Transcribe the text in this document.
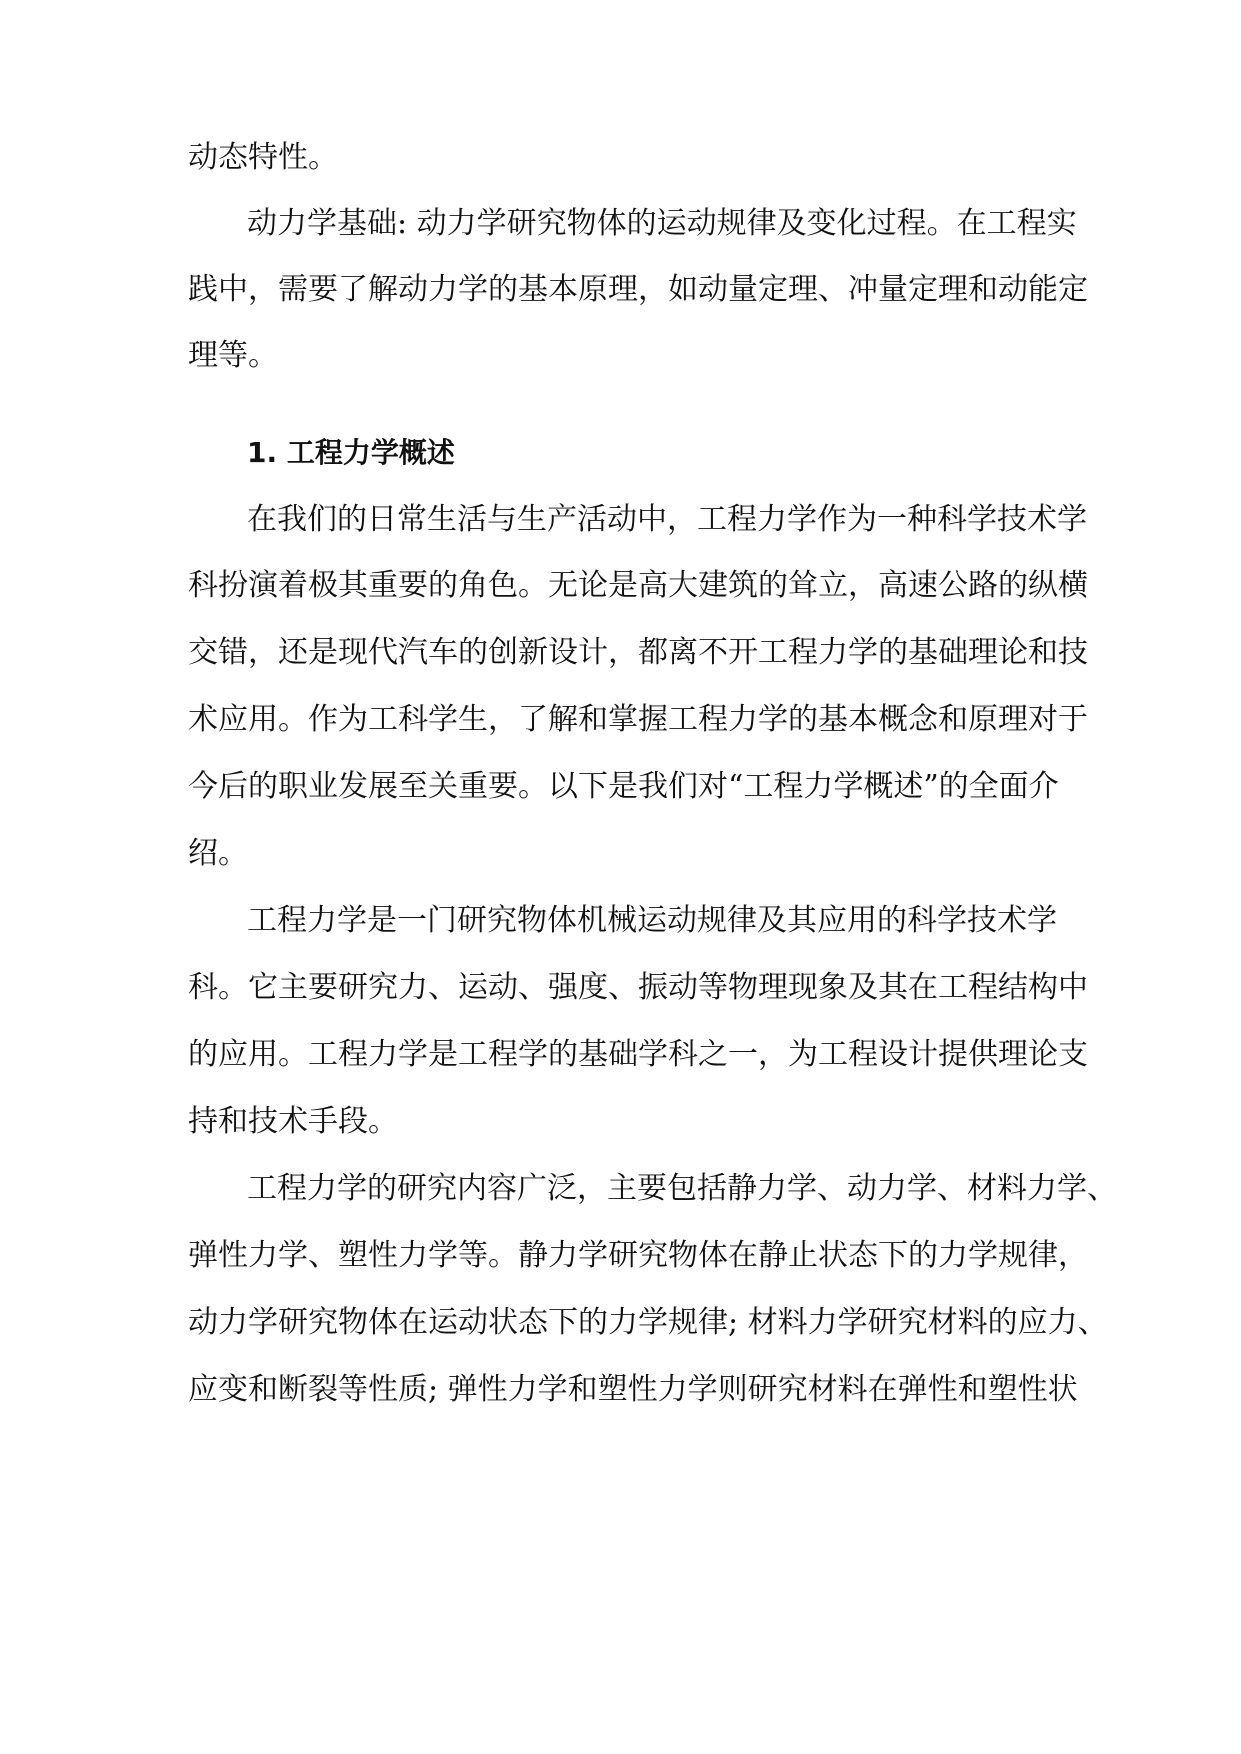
动态特性。
动力学基础: 动力学研究物体的运动规律及变化过程。在工程实
践中，需要了解动力学的基本原理，如动量定理、冲量定理和动能定
理等。
1. 工程力学概述
在我们的日常生活与生产活动中，工程力学作为一种科学技术学
科扮演着极其重要的角色。无论是高大建筑的耸立，高速公路的纵横
交错，还是现代汽车的创新设计，都离不开工程力学的基础理论和技
术应用。作为工科学生，了解和掌握工程力学的基本概念和原理对于
今后的职业发展至关重要。以下是我们对“工程力学概述”的全面介
绍。
工程力学是一门研究物体机械运动规律及其应用的科学技术学
科。它主要研究力、运动、强度、振动等物理现象及其在工程结构中
的应用。工程力学是工程学的基础学科之一，为工程设计提供理论支
持和技术手段。
工程力学的研究内容广泛，主要包括静力学、动力学、材料力学、
弹性力学、塑性力学等。静力学研究物体在静止状态下的力学规律，
动力学研究物体在运动状态下的力学规律; 材料力学研究材料的应力、
应变和断裂等性质; 弹性力学和塑性力学则研究材料在弹性和塑性状
